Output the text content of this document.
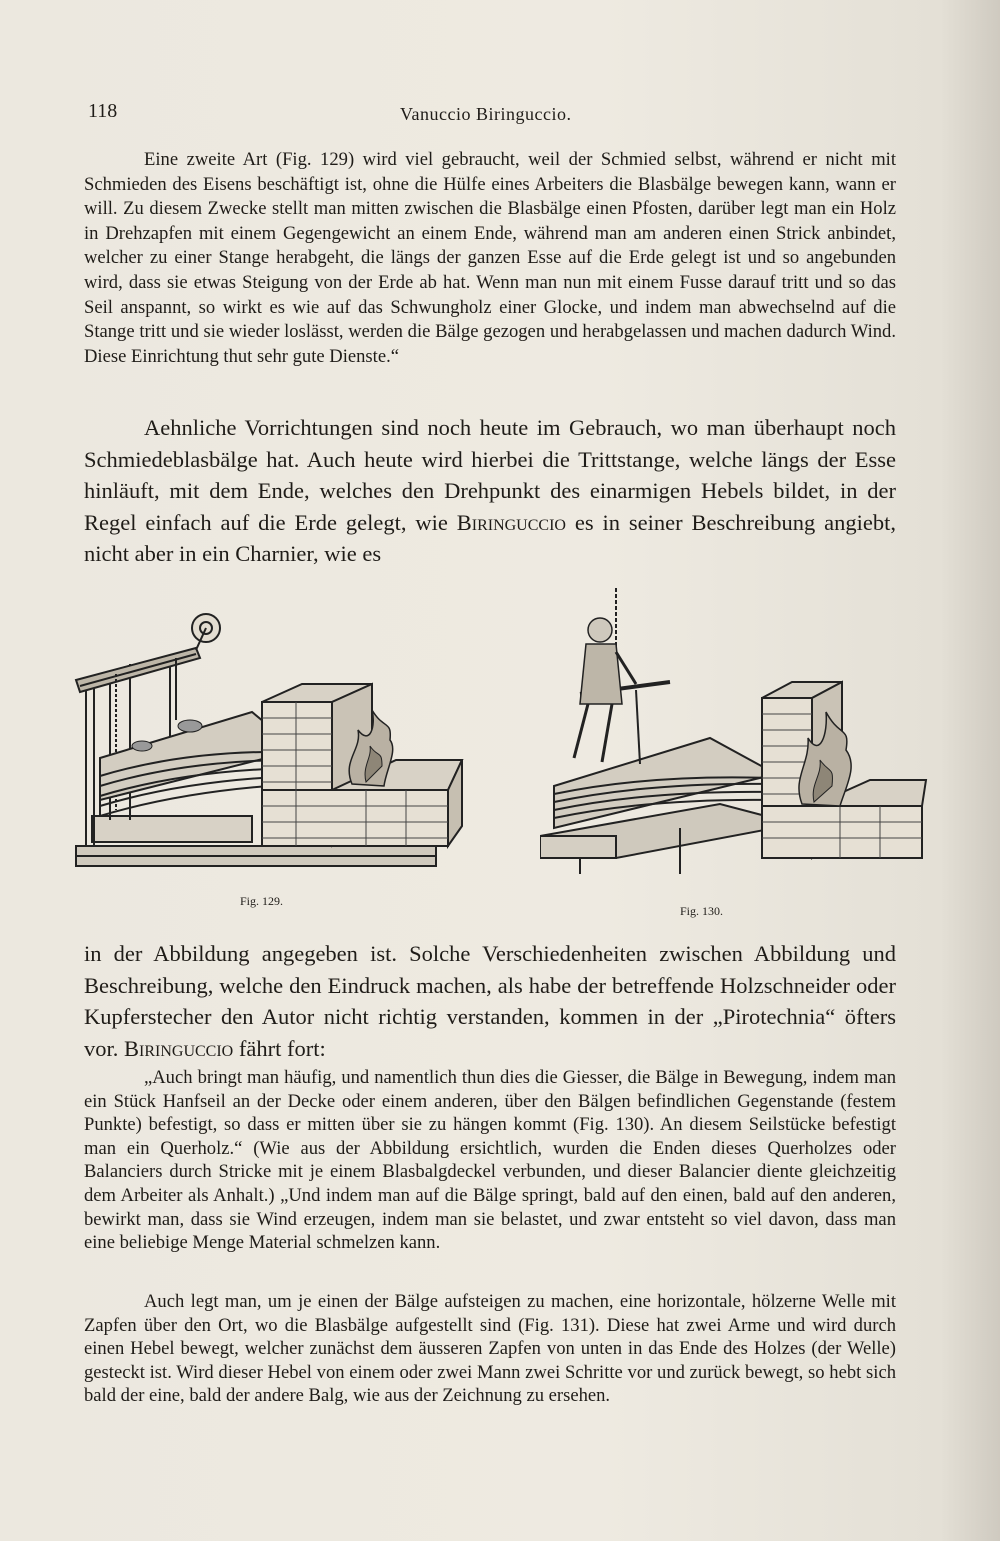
118	Vanuccio Biringuccio.

Eine zweite Art (Fig. 129) wird viel gebraucht, weil der Schmied selbst, während er nicht mit Schmieden des Eisens beschäftigt ist, ohne die Hülfe eines Arbeiters die Blasbälge bewegen kann, wann er will. Zu diesem Zwecke stellt man mitten zwischen die Blasbälge einen Pfosten, darüber legt man ein Holz in Drehzapfen mit einem Gegengewicht an einem Ende, während man am anderen einen Strick anbindet, welcher zu einer Stange herabgeht, die längs der ganzen Esse auf die Erde gelegt ist und so angebunden wird, dass sie etwas Steigung von der Erde ab hat. Wenn man nun mit einem Fusse darauf tritt und so das Seil anspannt, so wirkt es wie auf das Schwungholz einer Glocke, und indem man abwechselnd auf die Stange tritt und sie wieder loslässt, werden die Bälge gezogen und herabgelassen und machen dadurch Wind. Diese Einrichtung thut sehr gute Dienste.“

Aehnliche Vorrichtungen sind noch heute im Gebrauch, wo man überhaupt noch Schmiedeblasbälge hat. Auch heute wird hierbei die Trittstange, welche längs der Esse hinläuft, mit dem Ende, welches den Drehpunkt des einarmigen Hebels bildet, in der Regel einfach auf die Erde gelegt, wie Biringuccio es in seiner Beschreibung angiebt, nicht aber in ein Charnier, wie es

Fig. 129.
Fig. 130.

in der Abbildung angegeben ist. Solche Verschiedenheiten zwischen Abbildung und Beschreibung, welche den Eindruck machen, als habe der betreffende Holzschneider oder Kupferstecher den Autor nicht richtig verstanden, kommen in der „Pirotechnia“ öfters vor. Biringuccio fährt fort:

„Auch bringt man häufig, und namentlich thun dies die Giesser, die Bälge in Bewegung, indem man ein Stück Hanfseil an der Decke oder einem anderen, über den Bälgen befindlichen Gegenstande (festem Punkte) befestigt, so dass er mitten über sie zu hängen kommt (Fig. 130). An diesem Seilstücke befestigt man ein Querholz.“ (Wie aus der Abbildung ersichtlich, wurden die Enden dieses Querholzes oder Balanciers durch Stricke mit je einem Blasbalgdeckel verbunden, und dieser Balancier diente gleichzeitig dem Arbeiter als Anhalt.) „Und indem man auf die Bälge springt, bald auf den einen, bald auf den anderen, bewirkt man, dass sie Wind erzeugen, indem man sie belastet, und zwar entsteht so viel davon, dass man eine beliebige Menge Material schmelzen kann.

Auch legt man, um je einen der Bälge aufsteigen zu machen, eine horizontale, hölzerne Welle mit Zapfen über den Ort, wo die Blasbälge aufgestellt sind (Fig. 131). Diese hat zwei Arme und wird durch einen Hebel bewegt, welcher zunächst dem äusseren Zapfen von unten in das Ende des Holzes (der Welle) gesteckt ist. Wird dieser Hebel von einem oder zwei Mann zwei Schritte vor und zurück bewegt, so hebt sich bald der eine, bald der andere Balg, wie aus der Zeichnung zu ersehen.
